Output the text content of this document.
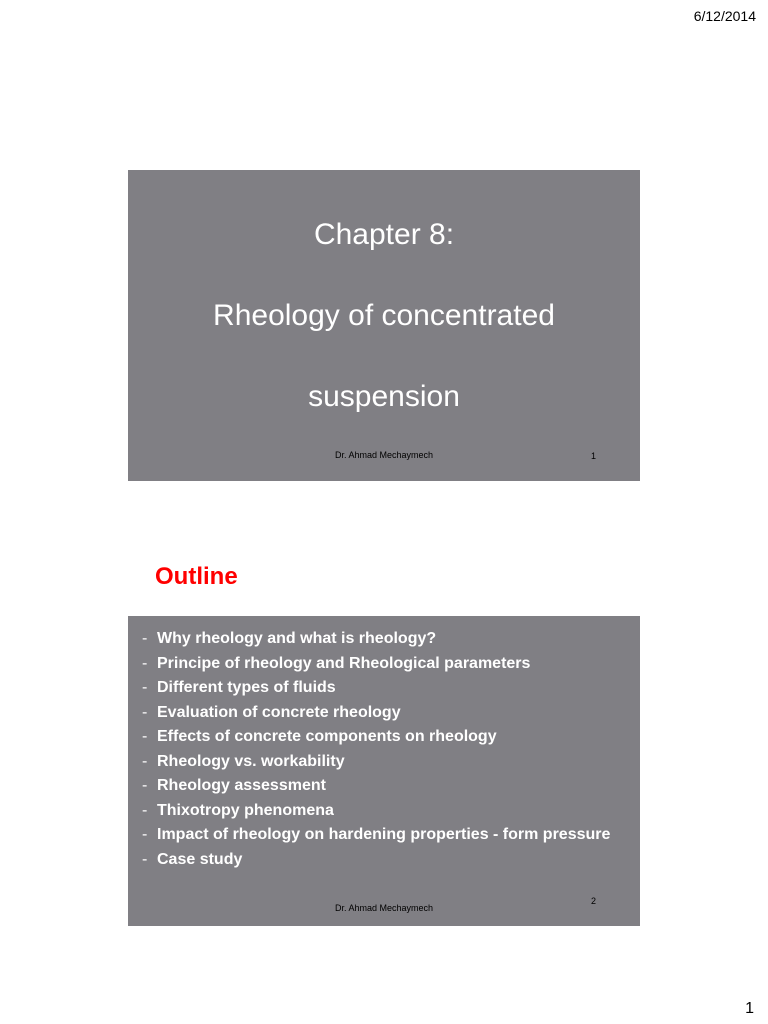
6/12/2014
Chapter 8:
Rheology of concentrated
suspension
Dr. Ahmad Mechaymech	1
Outline
- Why rheology and what is rheology?
- Principe of rheology and Rheological parameters
- Different types of fluids
- Evaluation of concrete rheology
- Effects of concrete components on rheology
- Rheology vs. workability
- Rheology assessment
- Thixotropy phenomena
- Impact of rheology on hardening properties - form pressure
- Case study
2
Dr. Ahmad Mechaymech
1
